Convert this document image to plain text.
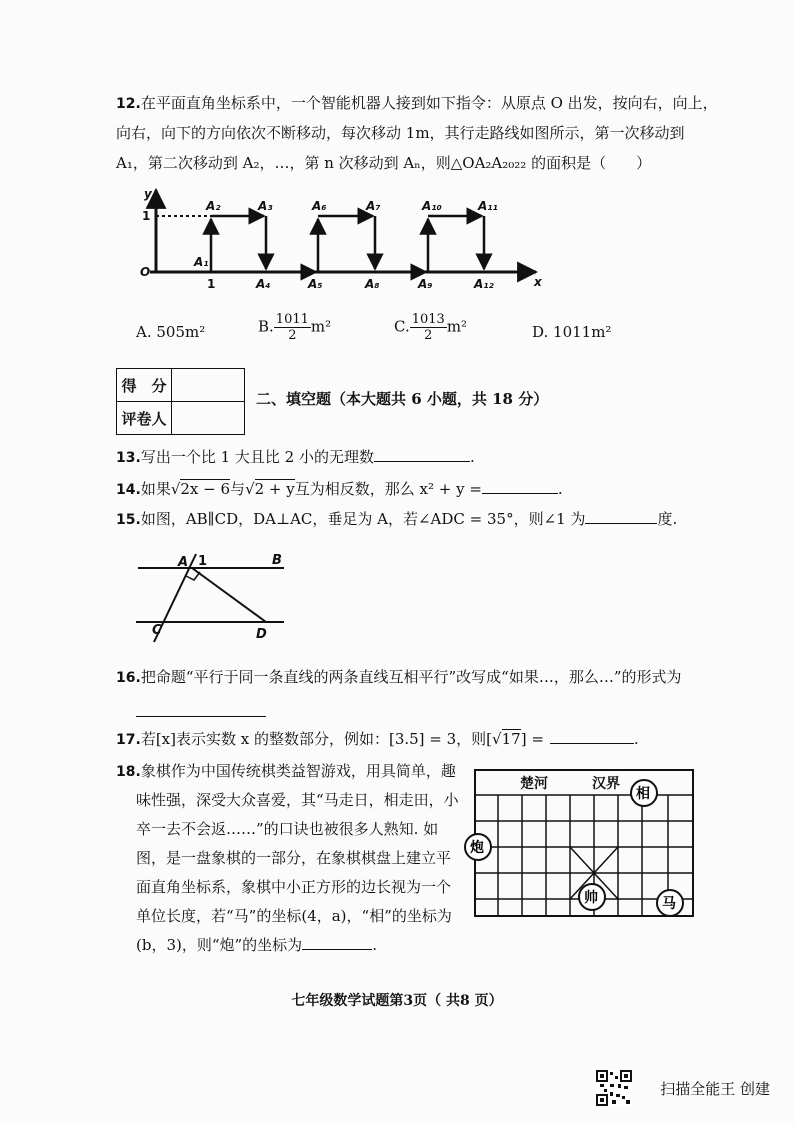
12.在平面直角坐标系中，一个智能机器人接到如下指令：从原点 O 出发，按向右，向上，
向右，向下的方向依次不断移动，每次移动 1m，其行走路线如图所示，第一次移动到
A₁，第二次移动到 A₂，…，第 n 次移动到 Aₙ，则△OA₂A₂₀₂₂ 的面积是（　　）
y
1
O
x
1
A₁
A₂	A₃
A₄	A₅
A₆	A₇
A₈	A₉
A₁₀	A₁₁
A₁₂
A. 505m²	B. $\frac{1011}{2} m^2$	C. $\frac{1013}{2} m^2$	D. 1011m²
得　分	
评卷人	
二、填空题（本大题共 6 小题，共 18 分）
13.写出一个比 1 大且比 2 小的无理数	.
14.如果√2x − 6与√2 + y互为相反数，那么 x² + y =	.
15.如图，AB∥CD，DA⊥AC，垂足为 A，若∠ADC = 35°，则∠1 为	度.
A 1	B
C	D
16.把命题“平行于同一条直线的两条直线互相平行”改写成“如果…，那么…”的形式为
17.若[x]表示实数 x 的整数部分，例如：[3.5] = 3，则[√17] =	.
18.象棋作为中国传统棋类益智游戏，用具简单，趣
味性强，深受大众喜爱，其“马走日，相走田，小
卒一去不会返……”的口诀也被很多人熟知. 如
图，是一盘象棋的一部分，在象棋棋盘上建立平
面直角坐标系，象棋中小正方形的边长视为一个
单位长度，若“马”的坐标(4，a)，“相”的坐标为
(b，3)，则“炮”的坐标为	.
楚河	汉界
相
炮
帅	马
七年级数学试题第3页（ 共8 页）
扫描全能王 创建
